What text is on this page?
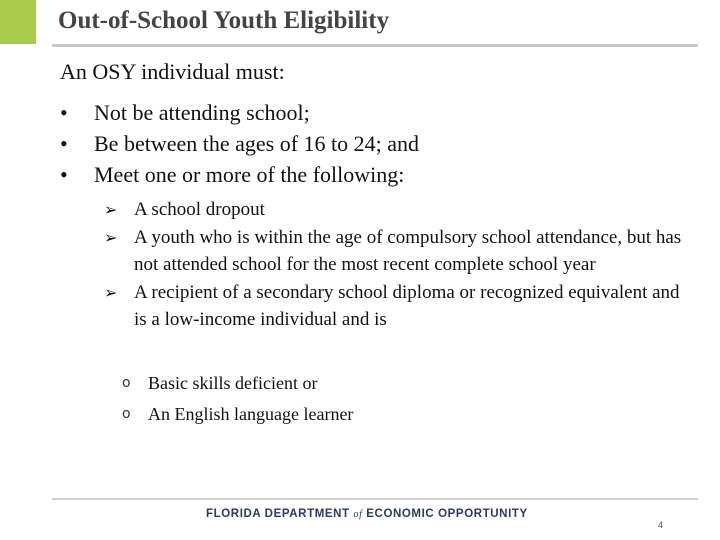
Out-of-School Youth Eligibility
An OSY individual must:
• Not be attending school;
• Be between the ages of 16 to 24; and
• Meet one or more of the following:
➢ A school dropout
➢ A youth who is within the age of compulsory school attendance, but has not attended school for the most recent complete school year
➢ A recipient of a secondary school diploma or recognized equivalent and is a low-income individual and is
o Basic skills deficient or
o An English language learner
FLORIDA DEPARTMENT of ECONOMIC OPPORTUNITY
4
